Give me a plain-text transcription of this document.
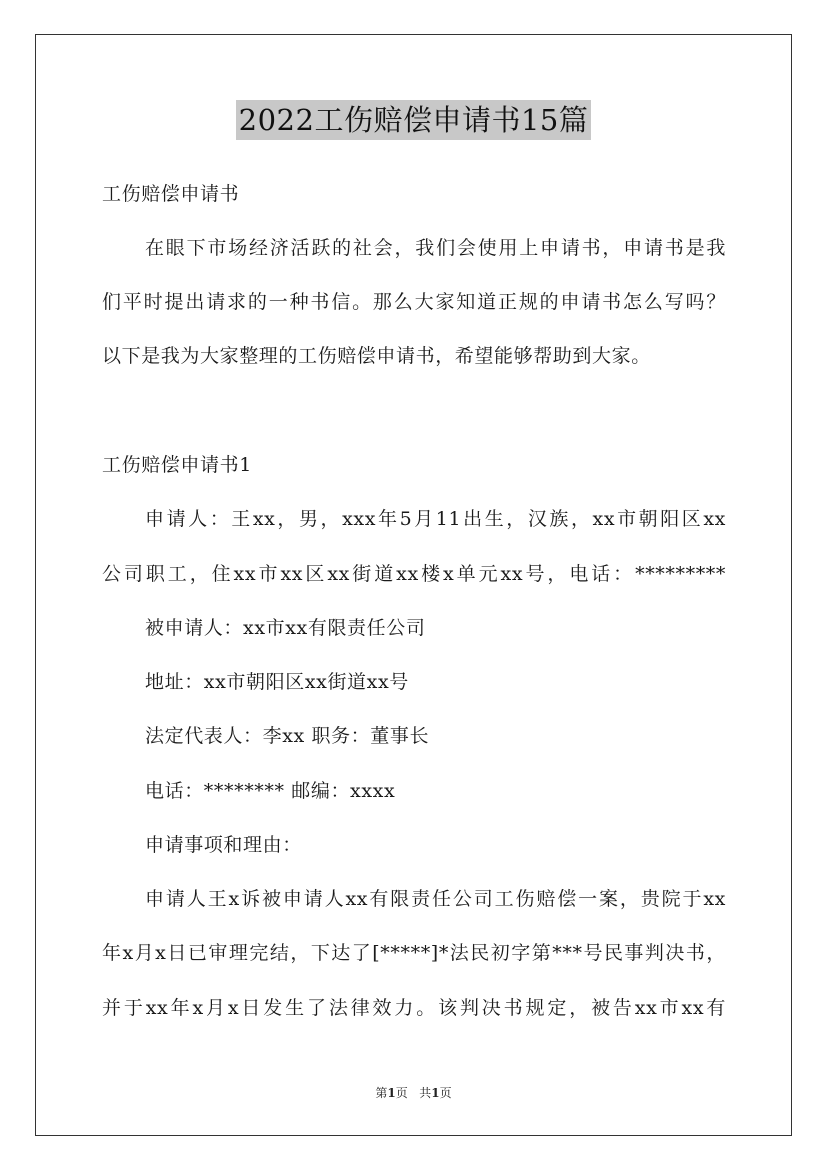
2022工伤赔偿申请书15篇
工伤赔偿申请书
在眼下市场经济活跃的社会，我们会使用上申请书，申请书是我
们平时提出请求的一种书信。那么大家知道正规的申请书怎么写吗？
以下是我为大家整理的工伤赔偿申请书，希望能够帮助到大家。
工伤赔偿申请书1
申请人：王xx，男，xxx年5月11出生，汉族，xx市朝阳区xx
公司职工，住xx市xx区xx街道xx楼x单元xx号，电话：*********
被申请人：xx市xx有限责任公司
地址：xx市朝阳区xx街道xx号
法定代表人：李xx 职务：董事长
电话：******** 邮编：xxxx
申请事项和理由：
申请人王x诉被申请人xx有限责任公司工伤赔偿一案，贵院于xx
年x月x日已审理完结，下达了[*****]*法民初字第***号民事判决书，
并于xx年x月x日发生了法律效力。该判决书规定，被告xx市xx有
第1页 共1页
